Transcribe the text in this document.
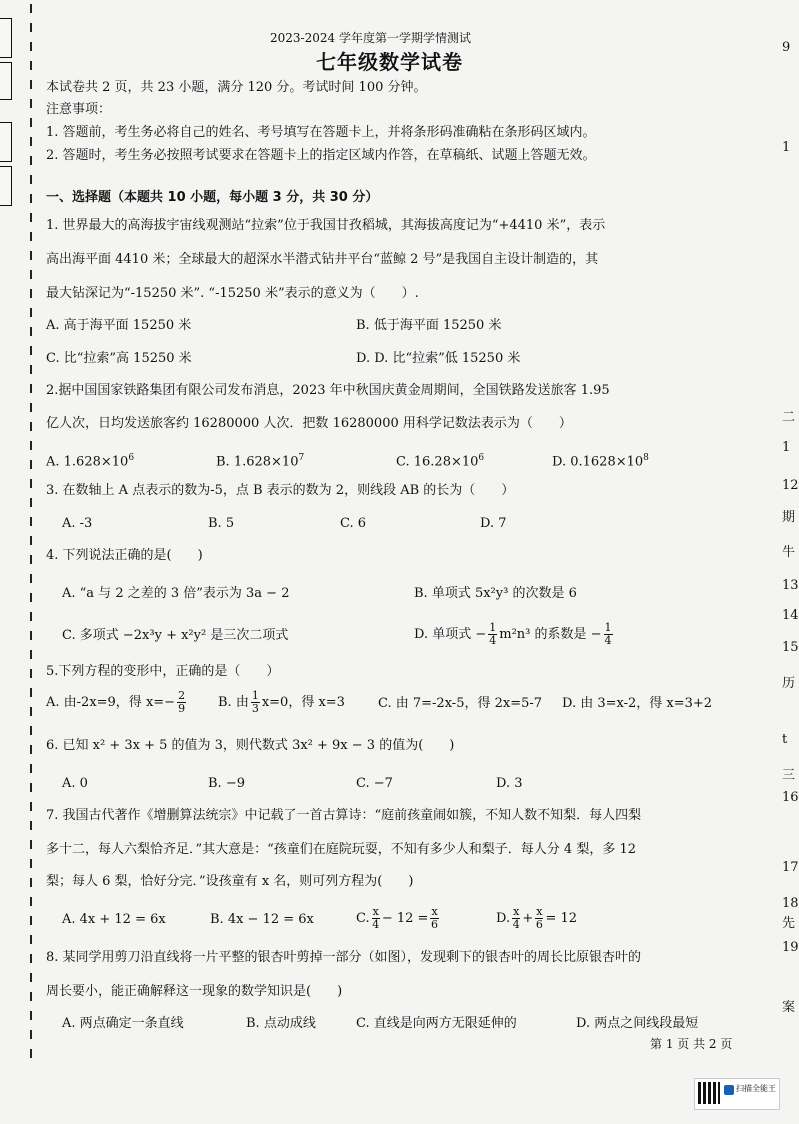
2023-2024 学年度第一学期学情测试
七年级数学试卷
本试卷共 2 页，共 23 小题，满分 120 分。考试时间 100 分钟。
注意事项：
1. 答题前，考生务必将自己的姓名、考号填写在答题卡上，并将条形码准确粘在条形码区域内。
2. 答题时，考生务必按照考试要求在答题卡上的指定区域内作答，在草稿纸、试题上答题无效。
一、选择题（本题共 10 小题，每小题 3 分，共 30 分）
1. 世界最大的高海拔宇宙线观测站“拉索”位于我国甘孜稻城，其海拔高度记为“+4410 米”，表示
高出海平面 4410 米；全球最大的超深水半潜式钻井平台“蓝鲸 2 号”是我国自主设计制造的，其
最大钻深记为“-15250 米”. “-15250 米”表示的意义为（　　）.
A. 高于海平面 15250 米	B. 低于海平面 15250 米
C. 比“拉索”高 15250 米	D. D. 比“拉索”低 15250 米
2.据中国国家铁路集团有限公司发布消息，2023 年中秋国庆黄金周期间，全国铁路发送旅客 1.95
亿人次，日均发送旅客约 16280000 人次．把数 16280000 用科学记数法表示为（　　）
A. $1.628\times 10^6$	B. $1.628\times 10^7$	C. $16.28\times 10^6$	D. $0.1628\times 10^8$
3. 在数轴上 A 点表示的数为-5，点 B 表示的数为 2，则线段 AB 的长为（　　）
A. -3	B. 5	C. 6	D. 7
4. 下列说法正确的是(　　)
A. “a 与 2 之差的 3 倍”表示为 3a − 2	B. 单项式 5x²y³ 的次数是 6
C. 多项式 −2x³y + x²y² 是三次二项式	D. 单项式 − $\frac{1}{4} m^2n^3$ 的系数是 − $\frac{1}{4}$
5.下列方程的变形中，正确的是（　　）
A. 由-2x=9，得 $x=- \frac{2}{9} B$. 由 $\frac{1}{3} x=0$，得 x=3	C. 由 7=-2x-5，得 2x=5-7 D. 由 3=x-2，得 x=3+2
6. 已知 x² + 3x + 5 的值为 3，则代数式 3x² + 9x − 3 的值为(　　)
A. 0	B. −9	C. −7	D. 3
7. 我国古代著作《增删算法统宗》中记载了一首古算诗：“庭前孩童闹如簇，不知人数不知梨．每人四梨
多十二，每人六梨恰齐足．”其大意是：“孩童们在庭院玩耍，不知有多少人和梨子．每人分 4 梨，多 12
梨；每人 6 梨，恰好分完．”设孩童有 x 名，则可列方程为(　　)
A. 4x + 12 = 6x	B. 4x − 12 = 6x	C. $\frac{x}{4} - 12 = \frac{x}{6}$	D. $\frac{x}{4} + \frac{x}{6} = 12$
8. 某同学用剪刀沿直线将一片平整的银杏叶剪掉一部分（如图），发现剩下的银杏叶的周长比原银杏叶的
周长要小，能正确解释这一现象的数学知识是(　　)
A. 两点确定一条直线	B. 点动成线	C. 直线是向两方无限延伸的	D. 两点之间线段最短
第 1 页 共 2 页
扫描全能王
9
1
二
1
12
期
牛
13
14
15
历
t
三
16
17
18
先
19
案
